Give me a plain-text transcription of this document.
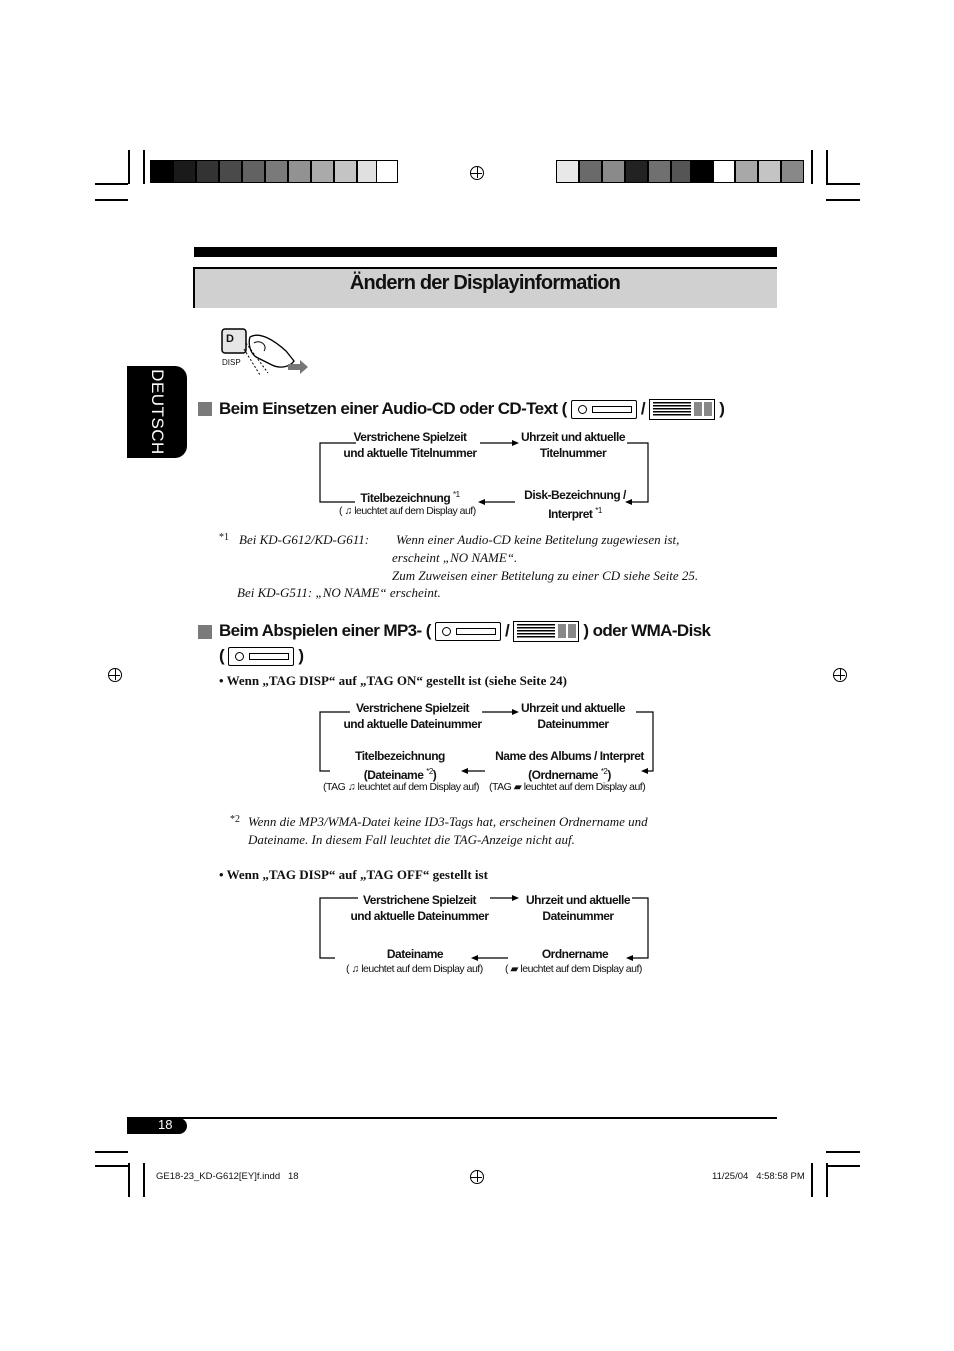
Ändern der Displayinformation
DEUTSCH
D
DISP
Beim Einsetzen einer Audio-CD oder CD-Text (	/	)
Verstrichene Spielzeit
und aktuelle Titelnummer
Uhrzeit und aktuelle
Titelnummer
Disk-Bezeichnung /
Interpret $^{*1}$
Titelbezeichnung $^{*1}$
( ♫ leuchtet auf dem Display auf)
*1 Bei KD-G612/KD-G611: Wenn einer Audio-CD keine Betitelung zugewiesen ist,
erscheint „NO NAME“.
Zum Zuweisen einer Betitelung zu einer CD siehe Seite 25.
Bei KD-G511: „NO NAME“ erscheint.
Beim Abspielen einer MP3- (	/	) oder WMA-Disk
(	)
• Wenn „TAG DISP“ auf „TAG ON“ gestellt ist (siehe Seite 24)
Verstrichene Spielzeit
und aktuelle Dateinummer
Uhrzeit und aktuelle
Dateinummer
Name des Albums / Interpret
(Ordnername $^{*2}$)
Titelbezeichnung
(Dateiname $^{*2}$)
(TAG ♫ leuchtet auf dem Display auf) (TAG ▰ leuchtet auf dem Display auf)
*2 Wenn die MP3/WMA-Datei keine ID3-Tags hat, erscheinen Ordnername und
Dateiname. In diesem Fall leuchtet die TAG-Anzeige nicht auf.
• Wenn „TAG DISP“ auf „TAG OFF“ gestellt ist
Verstrichene Spielzeit
und aktuelle Dateinummer
Uhrzeit und aktuelle
Dateinummer
Ordnername
Dateiname
( ♫ leuchtet auf dem Display auf) ( ▰ leuchtet auf dem Display auf)
18
GE18-23_KD-G612[EY]f.indd   18	11/25/04   4:58:58 PM
